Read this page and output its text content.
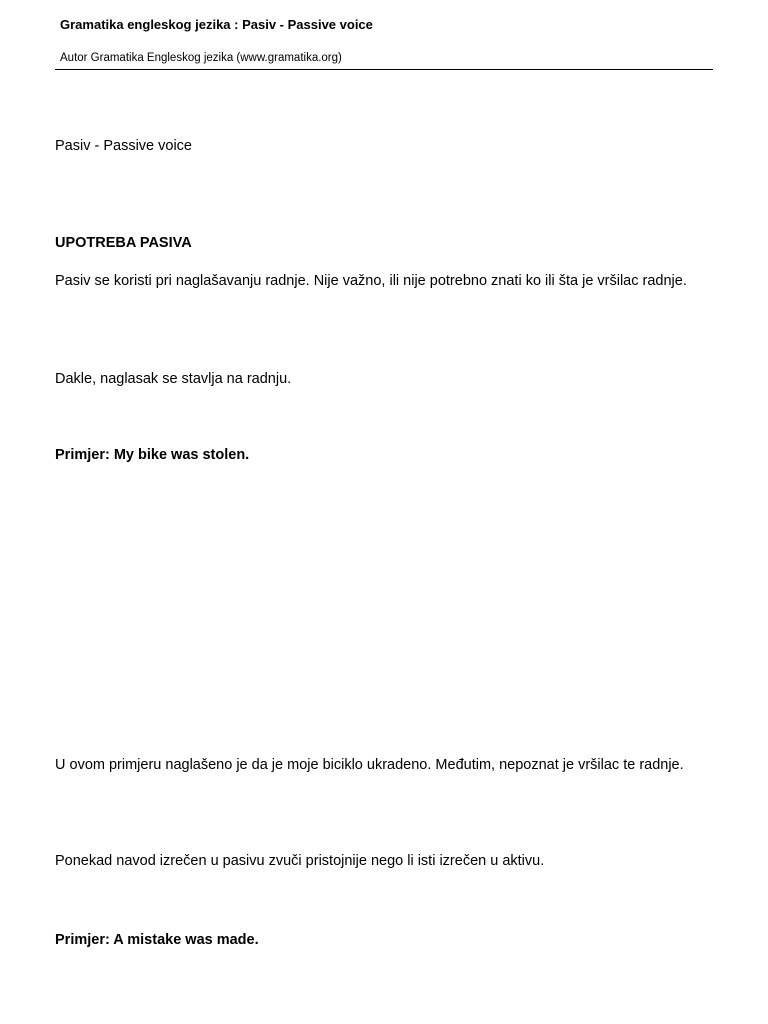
Gramatika engleskog jezika : Pasiv - Passive voice
Autor Gramatika Engleskog jezika (www.gramatika.org)
Pasiv - Passive voice
UPOTREBA PASIVA
Pasiv se koristi pri naglašavanju radnje. Nije važno, ili nije potrebno znati ko ili šta je vršilac radnje.
Dakle, naglasak se stavlja na radnju.
Primjer: My bike was stolen.
U ovom primjeru naglašeno je da je moje biciklo ukradeno. Međutim, nepoznat je vršilac te radnje.
Ponekad navod izrečen u pasivu zvuči pristojnije nego li isti izrečen u aktivu.
Primjer: A mistake was made.
